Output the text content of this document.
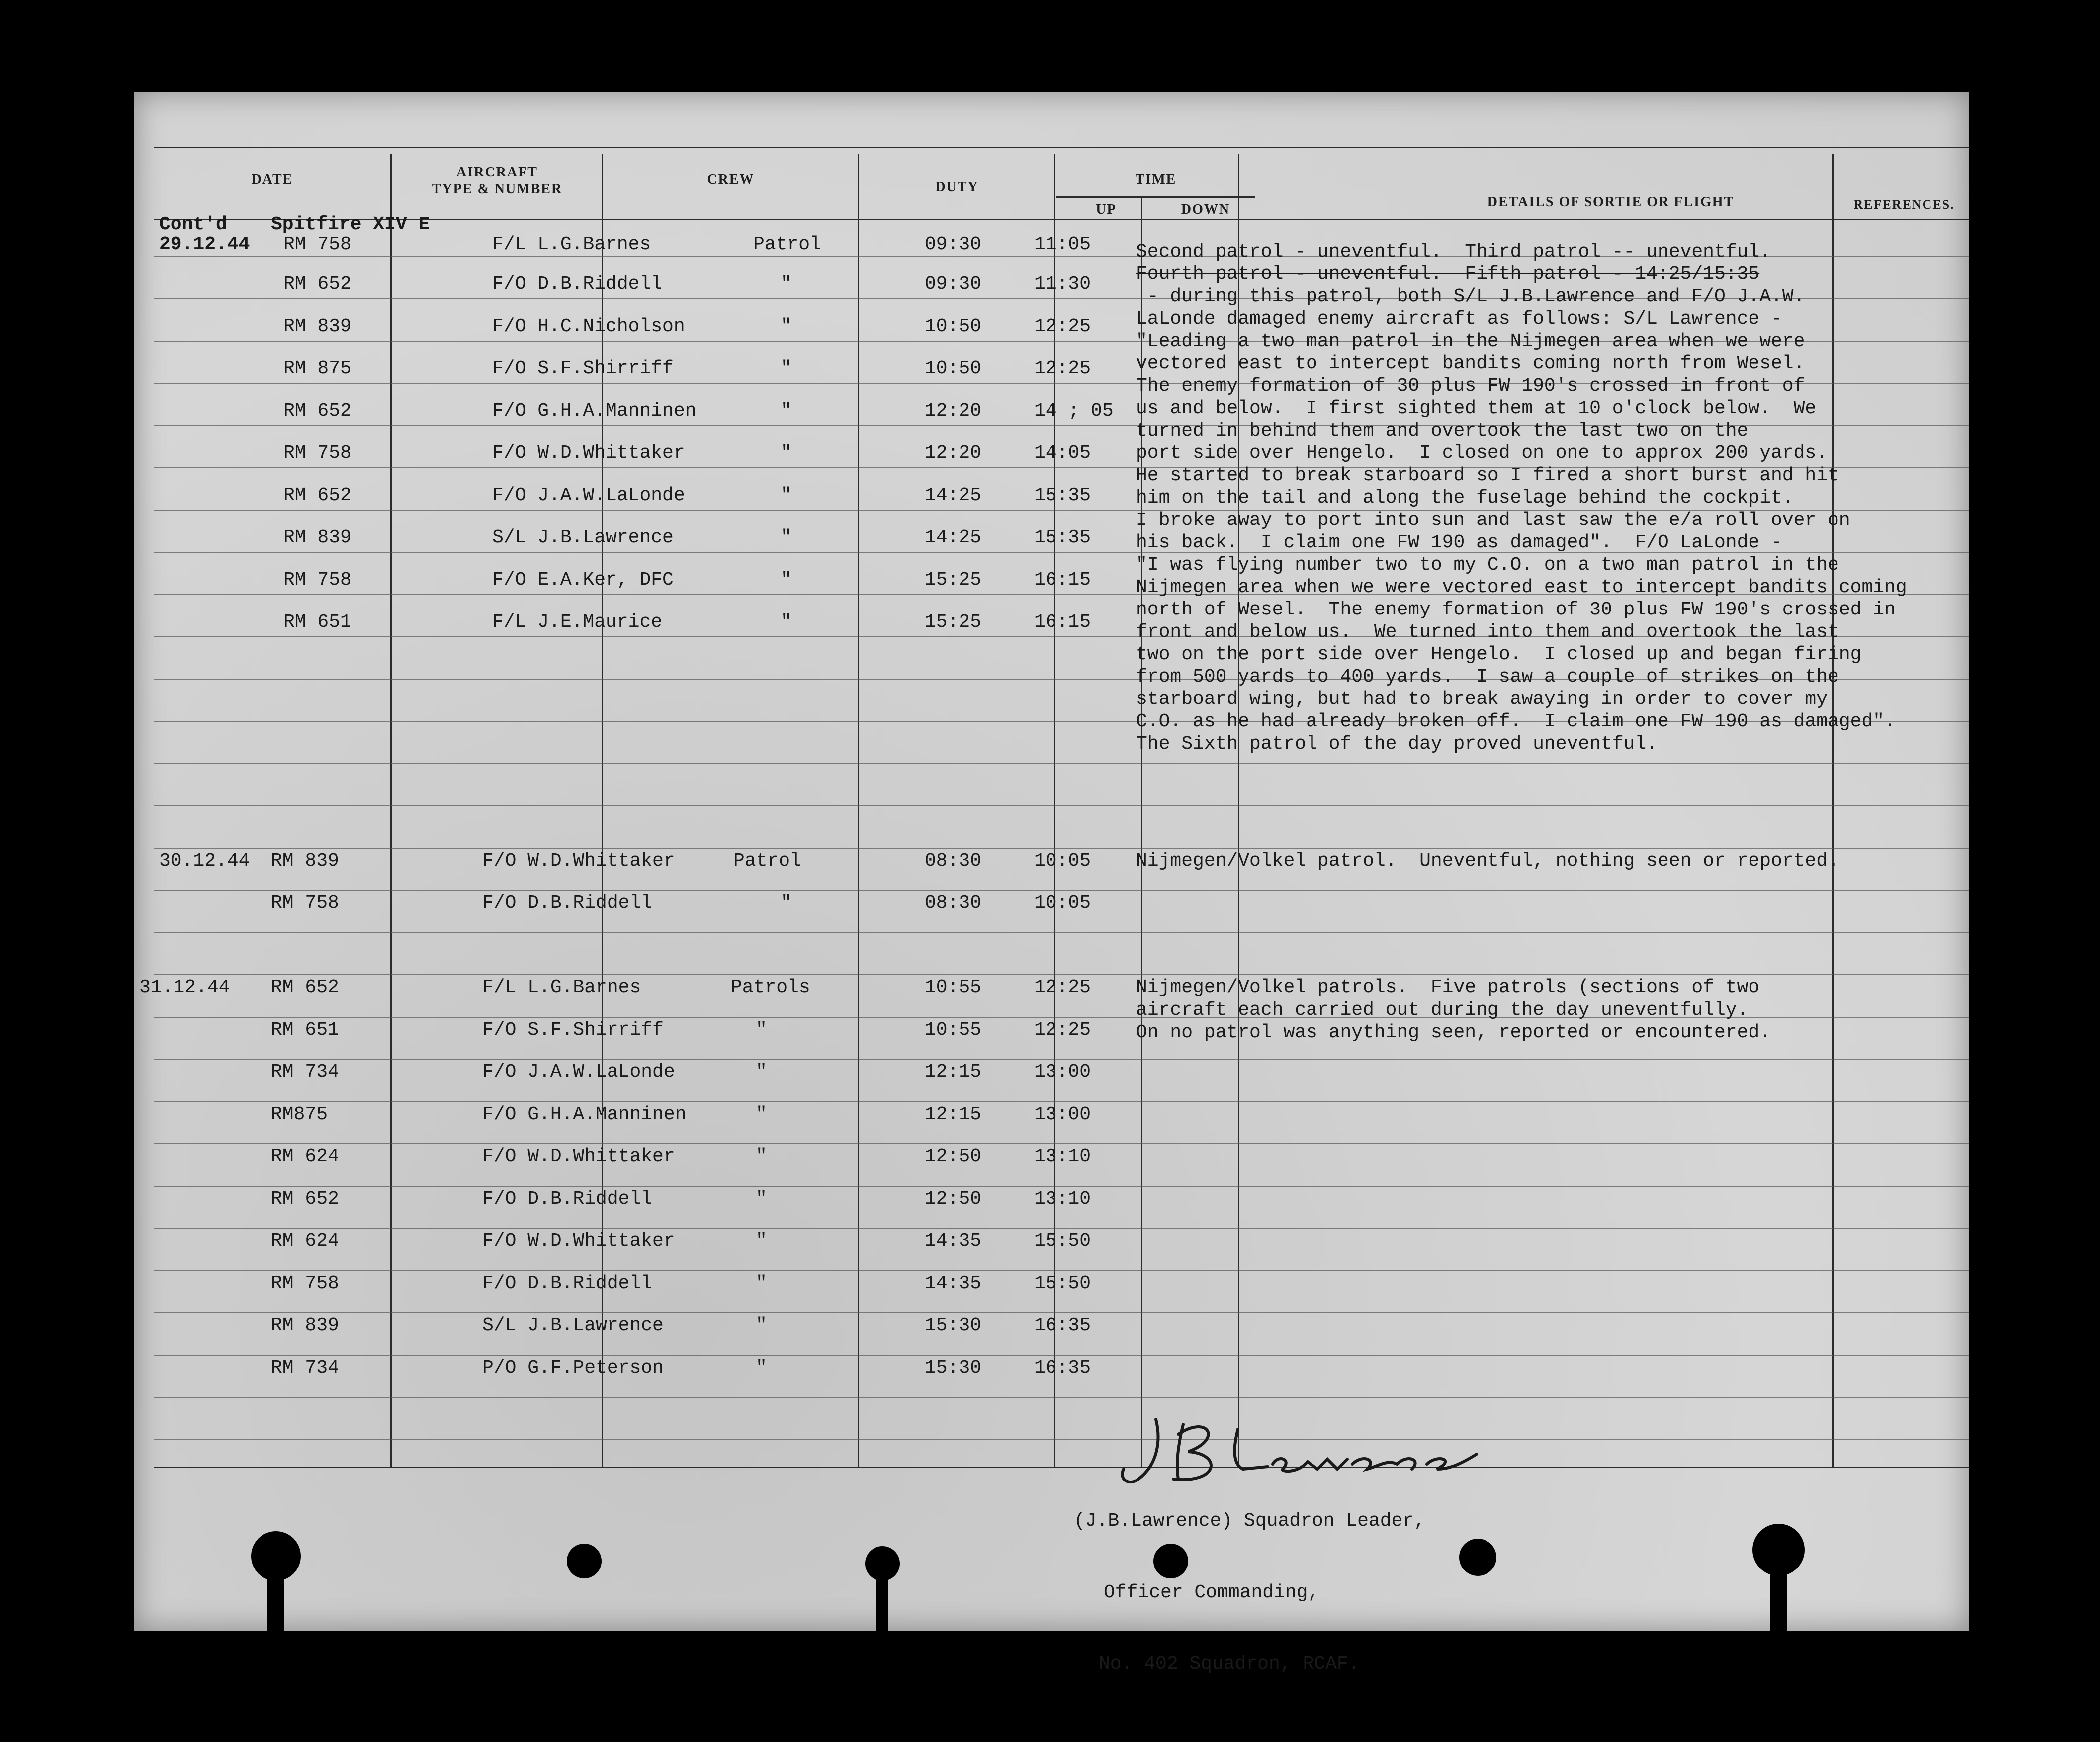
DATE	AIRCRAFT
TYPE & NUMBER
CREW	DUTY	TIME
UP	DOWN	DETAILS OF SORTIE OR FLIGHT	REFERENCES.
Cont'd Spitfire XIV E
29.12.44 RM 758	F/L L.G.Barnes	Patrol	09:30	11:05
RM 652	F/O D.B.Riddell	"	09:30	11:30
RM 839	F/O H.C.Nicholson	"	10:50	12:25
RM 875	F/O S.F.Shirriff	"	10:50	12:25
RM 652	F/O G.H.A.Manninen	"	12:20	14 ; 05
RM 758	F/O W.D.Whittaker	"	12:20	14:05
RM 652	F/O J.A.W.LaLonde	"	14:25	15:35
RM 839	S/L J.B.Lawrence	"	14:25	15:35
RM 758	F/O E.A.Ker, DFC	"	15:25	16:15
RM 651	F/L J.E.Maurice	"	15:25	16:15
30.12.44 RM 839	F/O W.D.Whittaker	Patrol	08:30	10:05
RM 758	F/O D.B.Riddell	"	08:30	10:05
31.12.44 RM 652	F/L L.G.Barnes	Patrols	10:55	12:25
RM 651	F/O S.F.Shirriff	"	10:55	12:25
RM 734	F/O J.A.W.LaLonde	"	12:15	13:00
RM875	F/O G.H.A.Manninen	"	12:15	13:00
RM 624	F/O W.D.Whittaker	"	12:50	13:10
RM 652	F/O D.B.Riddell	"	12:50	13:10
RM 624	F/O W.D.Whittaker	"	14:35	15:50
RM 758	F/O D.B.Riddell	"	14:35	15:50
RM 839	S/L J.B.Lawrence	"	15:30	16:35
RM 734	P/O G.F.Peterson	"	15:30	16:35
Second patrol - uneventful.  Third patrol -- uneventful.
Fourth patrol - uneventful.  Fifth patrol - 14:25/15:35
- during this patrol, both S/L J.B.Lawrence and F/O J.A.W.
LaLonde damaged enemy aircraft as follows: S/L Lawrence -
"Leading a two man patrol in the Nijmegen area when we were
vectored east to intercept bandits coming north from Wesel.
The enemy formation of 30 plus FW 190's crossed in front of
us and below.  I first sighted them at 10 o'clock below.  We
turned in behind them and overtook the last two on the
port side over Hengelo.  I closed on one to approx 200 yards.
He started to break starboard so I fired a short burst and hit
him on the tail and along the fuselage behind the cockpit.
I broke away to port into sun and last saw the e/a roll over on
his back.  I claim one FW 190 as damaged".  F/O LaLonde -
"I was flying number two to my C.O. on a two man patrol in the
Nijmegen area when we were vectored east to intercept bandits coming
north of Wesel.  The enemy formation of 30 plus FW 190's crossed in
front and below us.  We turned into them and overtook the last
two on the port side over Hengelo.  I closed up and began firing
from 500 yards to 400 yards.  I saw a couple of strikes on the
starboard wing, but had to break awaying in order to cover my
C.O. as he had already broken off.  I claim one FW 190 as damaged".
The Sixth patrol of the day proved uneventful.
Nijmegen/Volkel patrol.  Uneventful, nothing seen or reported.
Nijmegen/Volkel patrols.  Five patrols (sections of two
aircraft each carried out during the day uneventfully.
On no patrol was anything seen, reported or encountered.

(J.B.Lawrence) Squadron Leader,

Officer Commanding,

No. 402 Squadron, RCAF.
